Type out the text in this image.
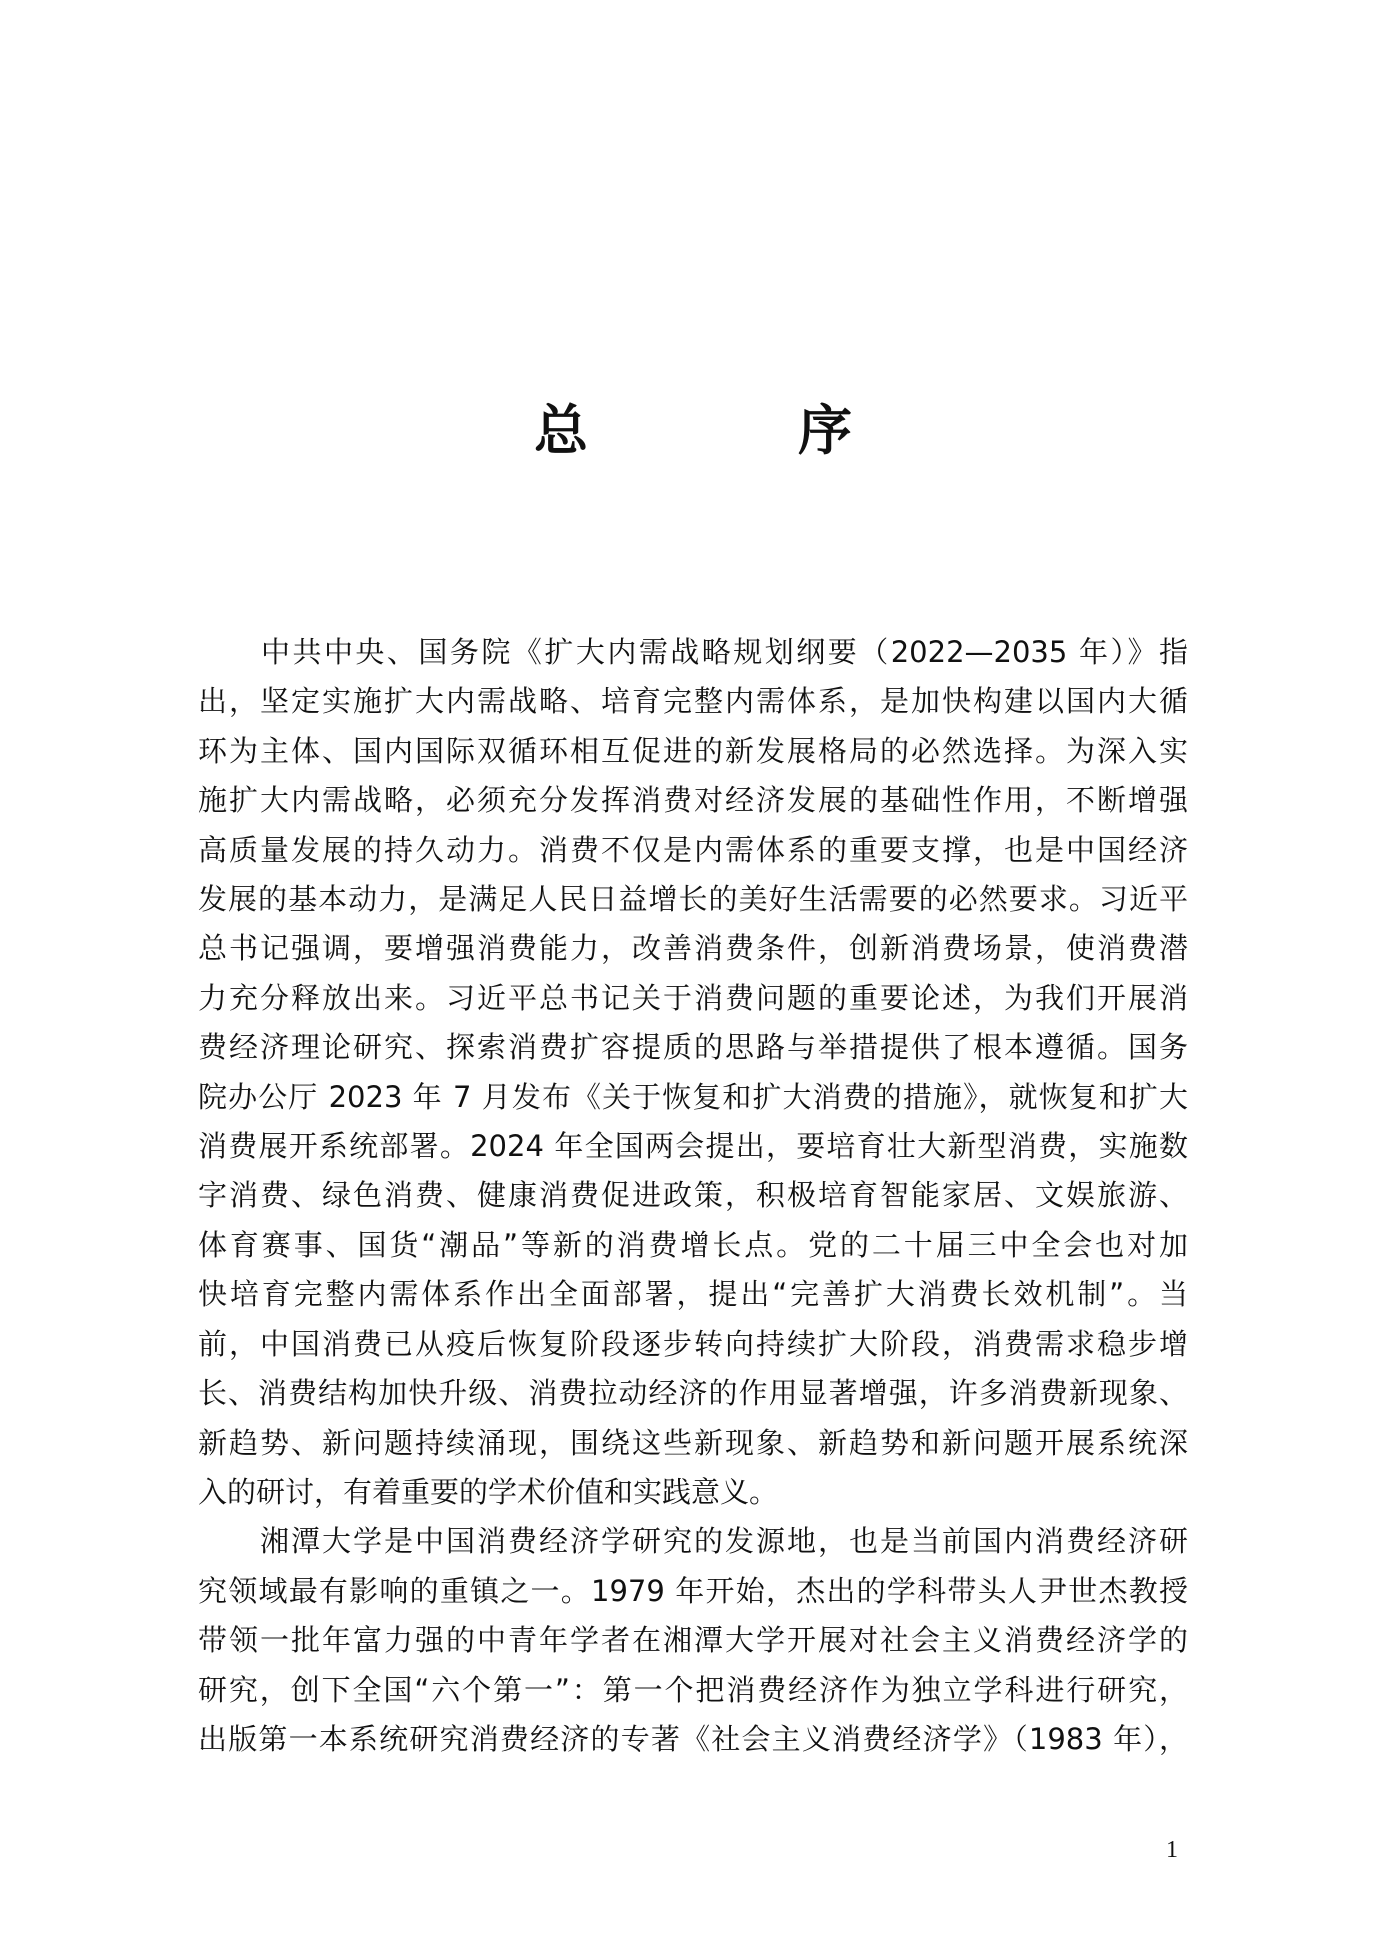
总　序

　　中共中央、国务院《扩大内需战略规划纲要（2022—2035 年）》指
出，坚定实施扩大内需战略、培育完整内需体系，是加快构建以国内大循
环为主体、国内国际双循环相互促进的新发展格局的必然选择。为深入实
施扩大内需战略，必须充分发挥消费对经济发展的基础性作用，不断增强
高质量发展的持久动力。消费不仅是内需体系的重要支撑，也是中国经济
发展的基本动力，是满足人民日益增长的美好生活需要的必然要求。习近平
总书记强调，要增强消费能力，改善消费条件，创新消费场景，使消费潜
力充分释放出来。习近平总书记关于消费问题的重要论述，为我们开展消
费经济理论研究、探索消费扩容提质的思路与举措提供了根本遵循。国务
院办公厅 2023 年 7 月发布《关于恢复和扩大消费的措施》，就恢复和扩大
消费展开系统部署。2024 年全国两会提出，要培育壮大新型消费，实施数
字消费、绿色消费、健康消费促进政策，积极培育智能家居、文娱旅游、
体育赛事、国货“潮品”等新的消费增长点。党的二十届三中全会也对加
快培育完整内需体系作出全面部署，提出“完善扩大消费长效机制”。当
前，中国消费已从疫后恢复阶段逐步转向持续扩大阶段，消费需求稳步增
长、消费结构加快升级、消费拉动经济的作用显著增强，许多消费新现象、
新趋势、新问题持续涌现，围绕这些新现象、新趋势和新问题开展系统深
入的研讨，有着重要的学术价值和实践意义。

　　湘潭大学是中国消费经济学研究的发源地，也是当前国内消费经济研
究领域最有影响的重镇之一。1979 年开始，杰出的学科带头人尹世杰教授
带领一批年富力强的中青年学者在湘潭大学开展对社会主义消费经济学的
研究，创下全国“六个第一”：第一个把消费经济作为独立学科进行研究，
出版第一本系统研究消费经济的专著《社会主义消费经济学》（1983 年），

1
